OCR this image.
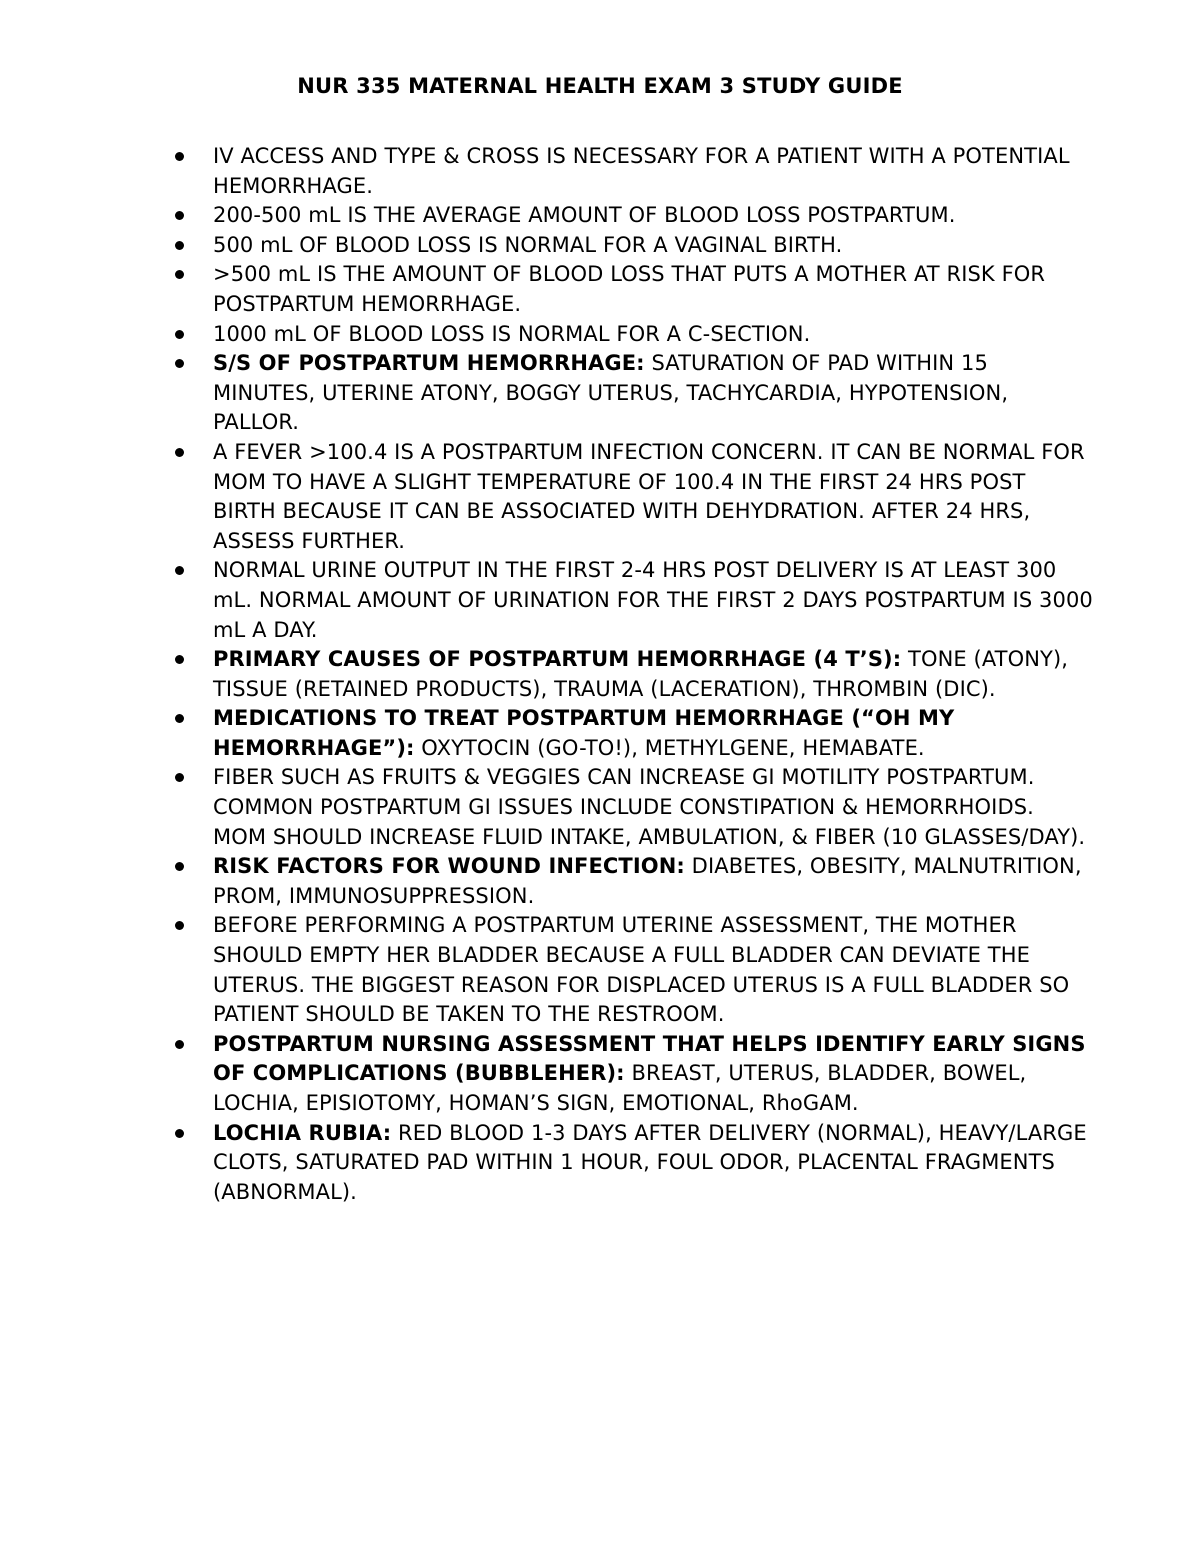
NUR 335 MATERNAL HEALTH EXAM 3 STUDY GUIDE
IV ACCESS AND TYPE & CROSS IS NECESSARY FOR A PATIENT WITH A POTENTIAL HEMORRHAGE.
200-500 mL IS THE AVERAGE AMOUNT OF BLOOD LOSS POSTPARTUM.
500 mL OF BLOOD LOSS IS NORMAL FOR A VAGINAL BIRTH.
>500 mL IS THE AMOUNT OF BLOOD LOSS THAT PUTS A MOTHER AT RISK FOR POSTPARTUM HEMORRHAGE.
1000 mL OF BLOOD LOSS IS NORMAL FOR A C-SECTION.
S/S OF POSTPARTUM HEMORRHAGE: SATURATION OF PAD WITHIN 15 MINUTES, UTERINE ATONY, BOGGY UTERUS, TACHYCARDIA, HYPOTENSION, PALLOR.
A FEVER >100.4 IS A POSTPARTUM INFECTION CONCERN. IT CAN BE NORMAL FOR MOM TO HAVE A SLIGHT TEMPERATURE OF 100.4 IN THE FIRST 24 HRS POST BIRTH BECAUSE IT CAN BE ASSOCIATED WITH DEHYDRATION. AFTER 24 HRS, ASSESS FURTHER.
NORMAL URINE OUTPUT IN THE FIRST 2-4 HRS POST DELIVERY IS AT LEAST 300 mL. NORMAL AMOUNT OF URINATION FOR THE FIRST 2 DAYS POSTPARTUM IS 3000 mL A DAY.
PRIMARY CAUSES OF POSTPARTUM HEMORRHAGE (4 T’S): TONE (ATONY), TISSUE (RETAINED PRODUCTS), TRAUMA (LACERATION), THROMBIN (DIC).
MEDICATIONS TO TREAT POSTPARTUM HEMORRHAGE (“OH MY HEMORRHAGE”): OXYTOCIN (GO-TO!), METHYLGENE, HEMABATE.
FIBER SUCH AS FRUITS & VEGGIES CAN INCREASE GI MOTILITY POSTPARTUM. COMMON POSTPARTUM GI ISSUES INCLUDE CONSTIPATION & HEMORRHOIDS. MOM SHOULD INCREASE FLUID INTAKE, AMBULATION, & FIBER (10 GLASSES/DAY).
RISK FACTORS FOR WOUND INFECTION: DIABETES, OBESITY, MALNUTRITION, PROM, IMMUNOSUPPRESSION.
BEFORE PERFORMING A POSTPARTUM UTERINE ASSESSMENT, THE MOTHER SHOULD EMPTY HER BLADDER BECAUSE A FULL BLADDER CAN DEVIATE THE UTERUS. THE BIGGEST REASON FOR DISPLACED UTERUS IS A FULL BLADDER SO PATIENT SHOULD BE TAKEN TO THE RESTROOM.
POSTPARTUM NURSING ASSESSMENT THAT HELPS IDENTIFY EARLY SIGNS OF COMPLICATIONS (BUBBLEHER): BREAST, UTERUS, BLADDER, BOWEL, LOCHIA, EPISIOTOMY, HOMAN’S SIGN, EMOTIONAL, RhoGAM.
LOCHIA RUBIA: RED BLOOD 1-3 DAYS AFTER DELIVERY (NORMAL), HEAVY/LARGE CLOTS, SATURATED PAD WITHIN 1 HOUR, FOUL ODOR, PLACENTAL FRAGMENTS (ABNORMAL).
